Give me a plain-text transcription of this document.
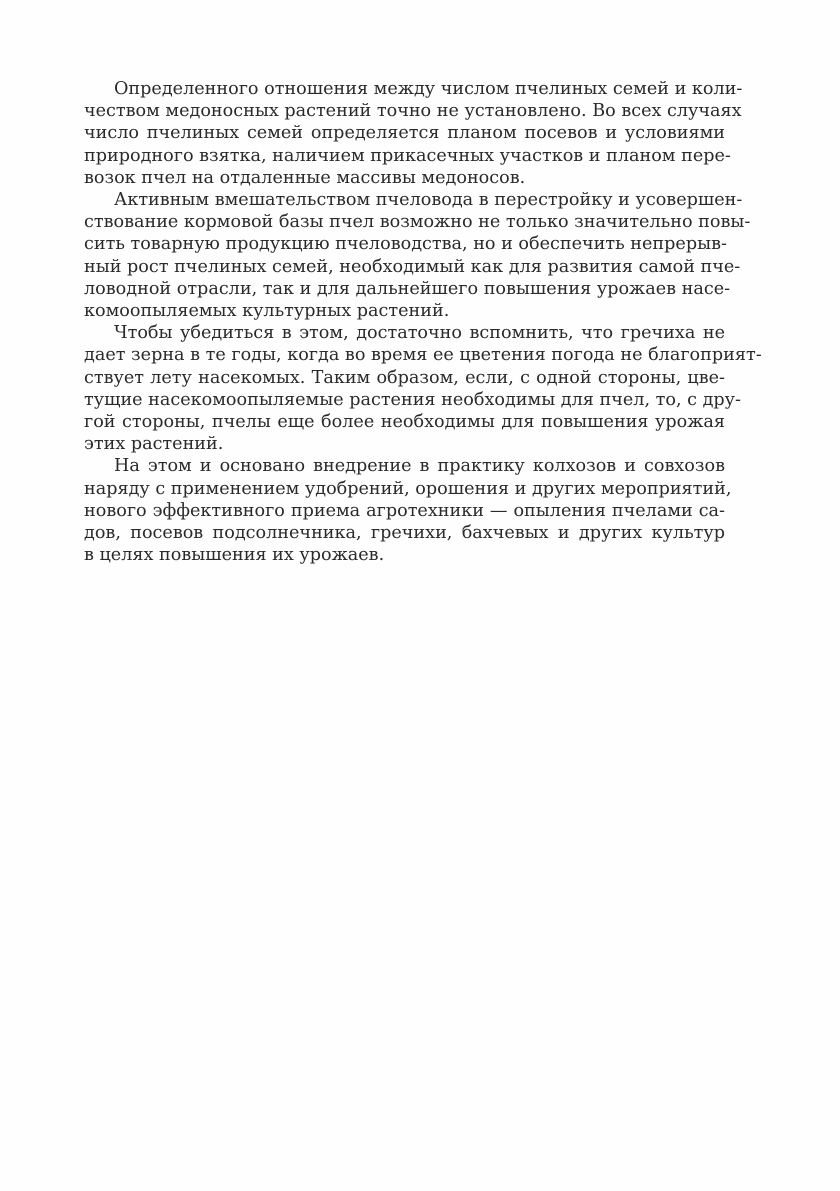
Определенного отношения между числом пчелиных семей и коли-
чеством медоносных растений точно не установлено. Во всех случаях
число пчелиных семей определяется планом посевов и условиями
природного взятка, наличием прикасечных участков и планом пере-
возок пчел на отдаленные массивы медоносов.

Активным вмешательством пчеловода в перестройку и усовершен-
ствование кормовой базы пчел возможно не только значительно повы-
сить товарную продукцию пчеловодства, но и обеспечить непрерыв-
ный рост пчелиных семей, необходимый как для развития самой пче-
ловодной отрасли, так и для дальнейшего повышения урожаев насе-
комоопыляемых культурных растений.

Чтобы убедиться в этом, достаточно вспомнить, что гречиха не
дает зерна в те годы, когда во время ее цветения погода не благоприят-
ствует лету насекомых. Таким образом, если, с одной стороны, цве-
тущие насекомоопыляемые растения необходимы для пчел, то, с дру-
гой стороны, пчелы еще более необходимы для повышения урожая
этих растений.

На этом и основано внедрение в практику колхозов и совхозов
наряду с применением удобрений, орошения и других мероприятий,
нового эффективного приема агротехники — опыления пчелами са-
дов, посевов подсолнечника, гречихи, бахчевых и других культур
в целях повышения их урожаев.
